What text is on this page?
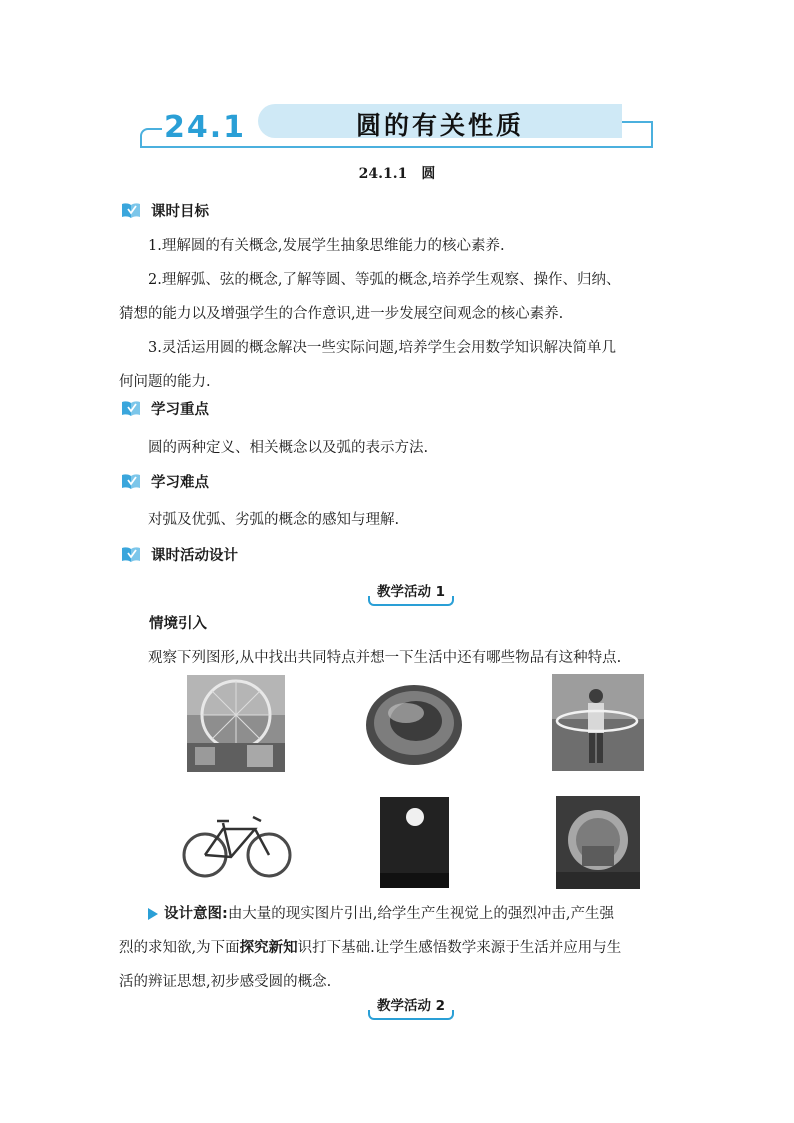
24.1	圆的有关性质
24.1.1　圆
课时目标
1.理解圆的有关概念,发展学生抽象思维能力的核心素养.
2.理解弧、弦的概念,了解等圆、等弧的概念,培养学生观察、操作、归纳、
猜想的能力以及增强学生的合作意识,进一步发展空间观念的核心素养.
3.灵活运用圆的概念解决一些实际问题,培养学生会用数学知识解决简单几
何问题的能力.
学习重点
圆的两种定义、相关概念以及弧的表示方法.
学习难点
对弧及优弧、劣弧的概念的感知与理解.
课时活动设计
教学活动 1
情境引入
观察下列图形,从中找出共同特点并想一下生活中还有哪些物品有这种特点.
设计意图:由大量的现实图片引出,给学生产生视觉上的强烈冲击,产生强
烈的求知欲,为下面探究新知识打下基础.让学生感悟数学来源于生活并应用与生
活的辨证思想,初步感受圆的概念.
教学活动 2
